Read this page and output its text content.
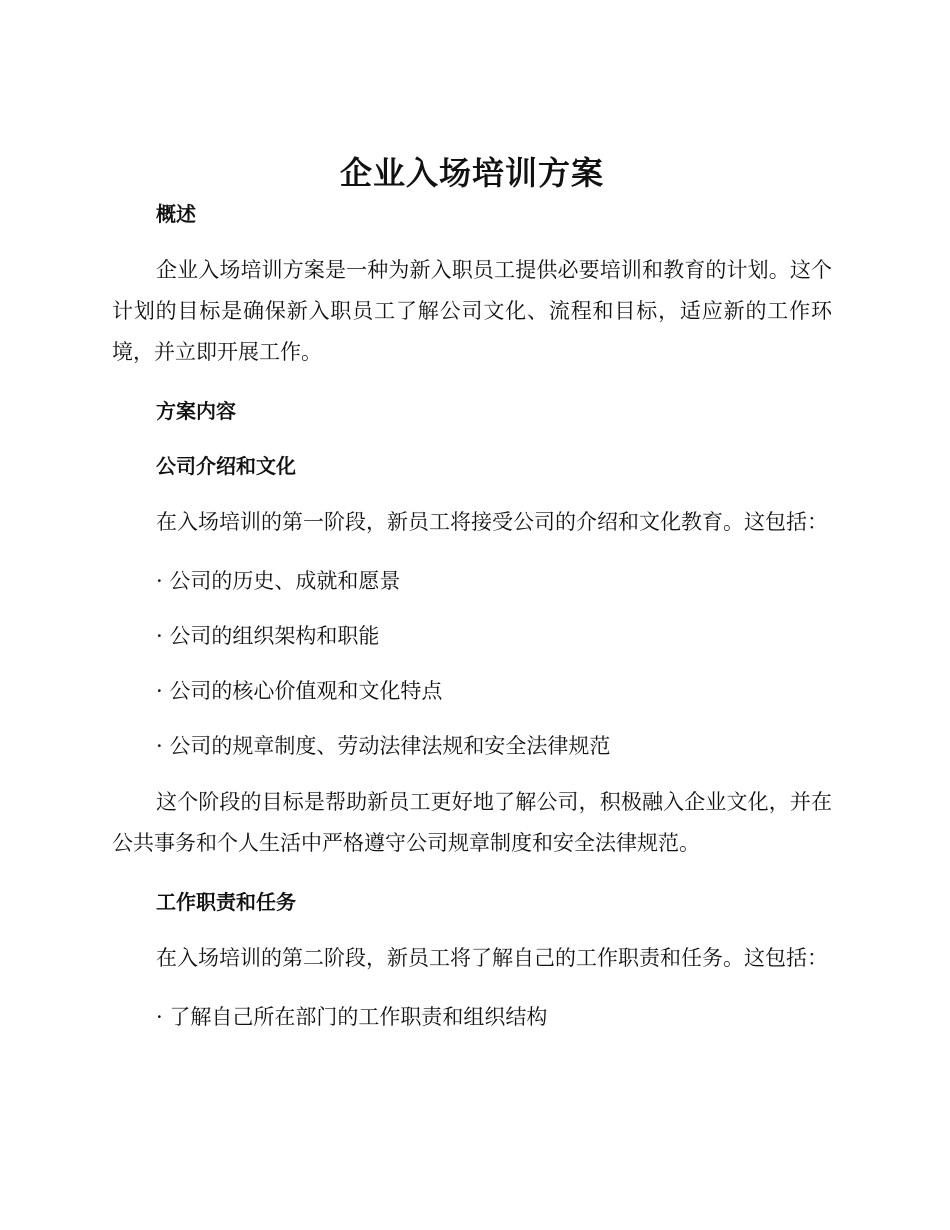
企业入场培训方案

概述

企业入场培训方案是一种为新入职员工提供必要培训和教育的计划。这个计划的目标是确保新入职员工了解公司文化、流程和目标，适应新的工作环境，并立即开展工作。

方案内容

公司介绍和文化

在入场培训的第一阶段，新员工将接受公司的介绍和文化教育。这包括：

· 公司的历史、成就和愿景

· 公司的组织架构和职能

· 公司的核心价值观和文化特点

· 公司的规章制度、劳动法律法规和安全法律规范

这个阶段的目标是帮助新员工更好地了解公司，积极融入企业文化，并在公共事务和个人生活中严格遵守公司规章制度和安全法律规范。

工作职责和任务

在入场培训的第二阶段，新员工将了解自己的工作职责和任务。这包括：

· 了解自己所在部门的工作职责和组织结构
